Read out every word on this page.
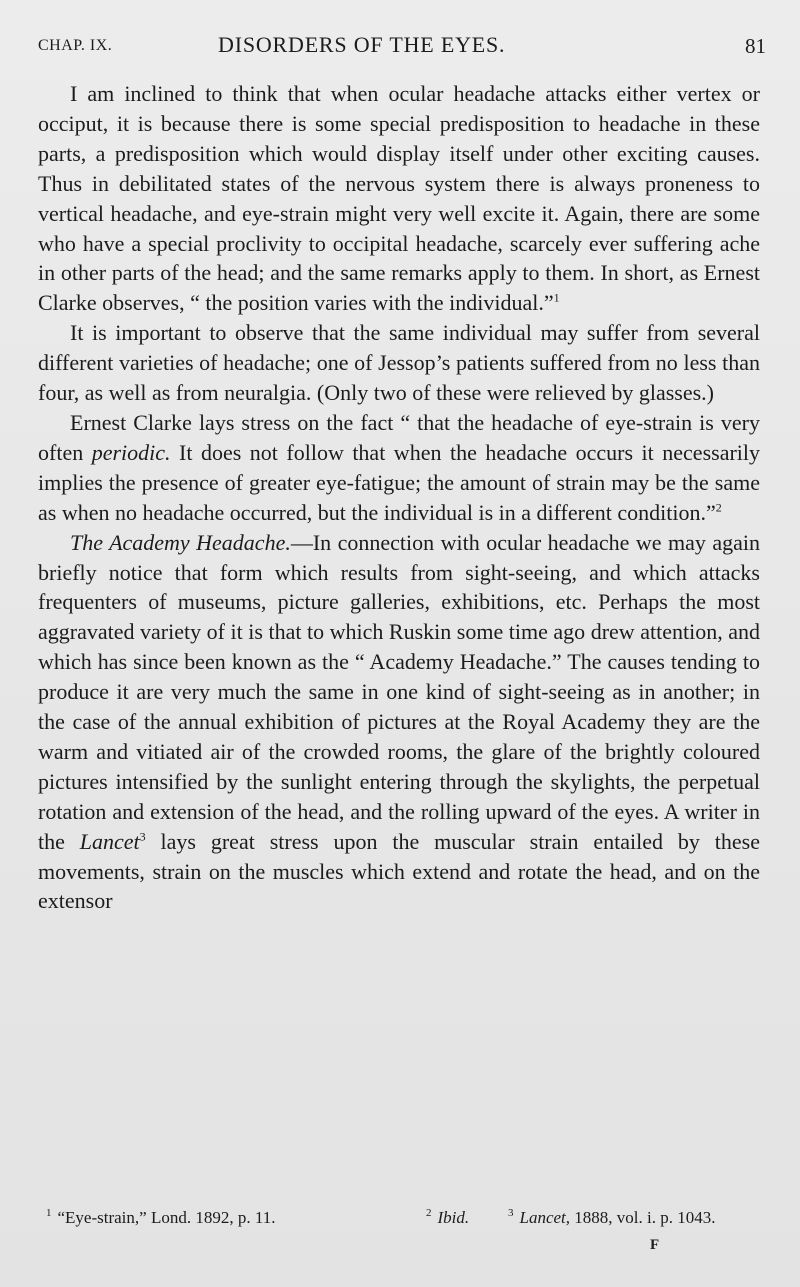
CHAP. IX.	DISORDERS OF THE EYES.	81

I am inclined to think that when ocular headache attacks either vertex or occiput, it is because there is some special predisposition to headache in these parts, a predisposition which would display itself under other exciting causes. Thus in debilitated states of the nervous system there is always proneness to vertical headache, and eye-strain might very well excite it. Again, there are some who have a special proclivity to occipital headache, scarcely ever suffering ache in other parts of the head; and the same remarks apply to them. In short, as Ernest Clarke observes, “ the position varies with the individual.”$^1$

It is important to observe that the same individual may suffer from several different varieties of headache; one of Jessop’s patients suffered from no less than four, as well as from neuralgia. (Only two of these were relieved by glasses.)

Ernest Clarke lays stress on the fact “ that the headache of eye-strain is very often periodic. It does not follow that when the headache occurs it necessarily implies the presence of greater eye-fatigue; the amount of strain may be the same as when no headache occurred, but the individual is in a different condition.”$^2$

The Academy Headache.—In connection with ocular headache we may again briefly notice that form which results from sight-seeing, and which attacks frequenters of museums, picture galleries, exhibitions, etc. Perhaps the most aggravated variety of it is that to which Ruskin some time ago drew attention, and which has since been known as the “ Academy Headache.” The causes tending to produce it are very much the same in one kind of sight-seeing as in another; in the case of the annual exhibition of pictures at the Royal Academy they are the warm and vitiated air of the crowded rooms, the glare of the brightly coloured pictures intensified by the sunlight entering through the skylights, the perpetual rotation and extension of the head, and the rolling upward of the eyes. A writer in the Lancet$^3$ lays great stress upon the muscular strain entailed by these movements, strain on the muscles which extend and rotate the head, and on the extensor

$^1$ “Eye-strain,” Lond. 1892, p. 11.	$^2$ Ibid.	$^3$ Lancet, 1888, vol. i. p. 1043.
F
